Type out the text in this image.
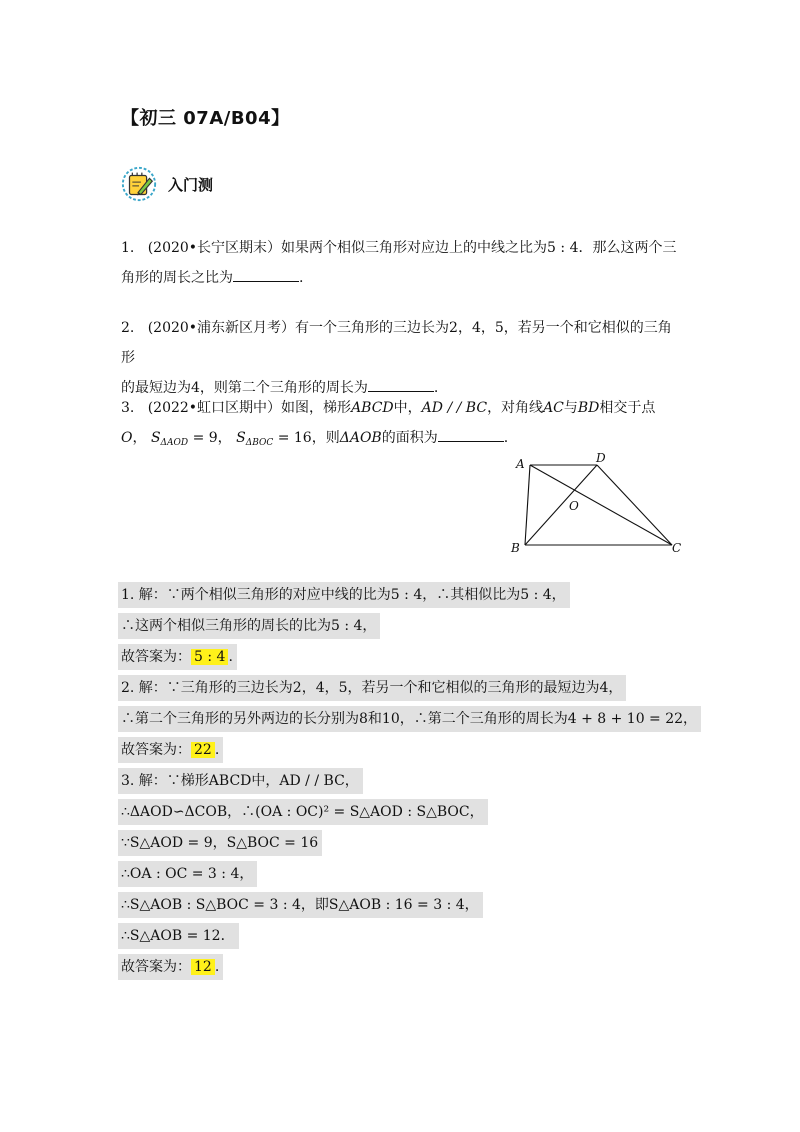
【初三 07A/B04】
入门测

1.   (2020•长宁区期末）如果两个相似三角形对应边上的中线之比为5 : 4．那么这两个三

角形的周长之比为	.

2.   (2020•浦东新区月考）有一个三角形的三边长为2，4，5，若另一个和它相似的三角形

的最短边为4，则第二个三角形的周长为	.

3.   (2022•虹口区期中）如图，梯形ABCD中，AD / / BC，对角线AC与BD相交于点

O， $S_{\Delta AOD} = 9$， $S_{\Delta BOC} = 16$，则ΔAOB的面积为	.

A	D
O
B	C
1. 解：∵两个相似三角形的对应中线的比为5 : 4，∴其相似比为5 : 4，
∴这两个相似三角形的周长的比为5 : 4，
故答案为： 5 : 4 .
2. 解：∵三角形的三边长为2，4，5，若另一个和它相似的三角形的最短边为4，
∴第二个三角形的另外两边的长分别为8和10，∴第二个三角形的周长为4 + 8 + 10 = 22，
故答案为： 22 .
3. 解：∵梯形ABCD中，AD / / BC，
∴ΔAOD∽ΔCOB，∴(OA : OC)² = S△AOD : S△BOC，
∵S△AOD = 9，S△BOC = 16
∴OA : OC = 3 : 4，
∴S△AOB : S△BOC = 3 : 4，即S△AOB : 16 = 3 : 4，
∴S△AOB = 12．
故答案为： 12 .
